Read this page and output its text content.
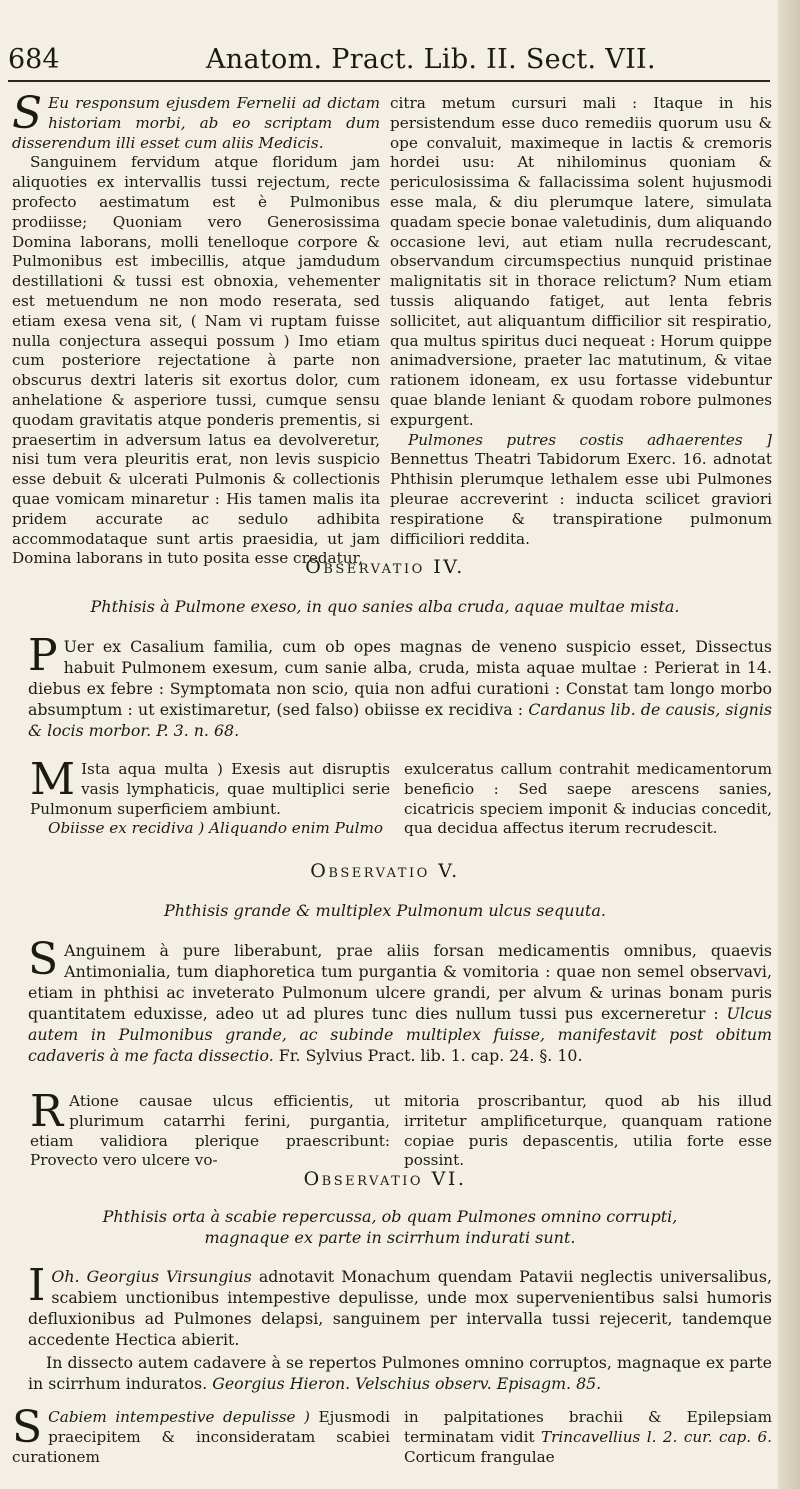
684	Anatom. Pract. Lib. II. Sect. VII.

S Eu responsum ejusdem Fernelii ad dictam historiam morbi, ab eo scriptam dum disserendum illi esset cum aliis Medicis.

Sanguinem fervidum atque floridum jam aliquoties ex intervallis tussi rejectum, recte profecto aestimatum est è Pulmonibus prodiisse; Quoniam vero Generosissima Domina laborans, molli tenelloque corpore & Pulmonibus est imbecillis, atque jamdudum destillationi & tussi est obnoxia, vehementer est metuendum ne non modo reserata, sed etiam exesa vena sit, ( Nam vi ruptam fuisse nulla conjectura assequi possum ) Imo etiam cum posteriore rejectatione à parte non obscurus dextri lateris sit exortus dolor, cum anhelatione & asperiore tussi, cumque sensu quodam gravitatis atque ponderis prementis, si praesertim in adversum latus ea devolveretur, nisi tum vera pleuritis erat, non levis suspicio esse debuit & ulcerati Pulmonis & collectionis quae vomicam minaretur : His tamen malis ita pridem accurate ac sedulo adhibita accommodataque sunt artis praesidia, ut jam Domina laborans in tuto posita esse credatur,

citra metum cursuri mali : Itaque in his persistendum esse duco remediis quorum usu & ope convaluit, maximeque in lactis & cremoris hordei usu: At nihilominus quoniam & periculosissima & fallacissima solent hujusmodi esse mala, & diu plerumque latere, simulata quadam specie bonae valetudinis, dum aliquando occasione levi, aut etiam nulla recrudescant, observandum circumspectius nunquid pristinae malignitatis sit in thorace relictum? Num etiam tussis aliquando fatiget, aut lenta febris sollicitet, aut aliquantum difficilior sit respiratio, qua multus spiritus duci nequeat : Horum quippe animadversione, praeter lac matutinum, & vitae rationem idoneam, ex usu fortasse videbuntur quae blande leniant & quodam robore pulmones expurgent.

Pulmones putres costis adhaerentes ] Bennettus Theatri Tabidorum Exerc. 16. adnotat Phthisin plerumque lethalem esse ubi Pulmones pleurae accreverint : inducta scilicet graviori respiratione & transpiratione pulmonum difficiliori reddita.

Observatio IV.
Phthisis à Pulmone exeso, in quo sanies alba cruda, aquae multae mista.

P Uer ex Casalium familia, cum ob opes magnas de veneno suspicio esset, Dissectus habuit Pulmonem exesum, cum sanie alba, cruda, mista aquae multae : Perierat in 14. diebus ex febre : Symptomata non scio, quia non adfui curationi : Constat tam longo morbo absumptum : ut existimaretur, (sed falso) obiisse ex recidiva : Cardanus lib. de causis, signis & locis morbor. P. 3. n. 68.

M Ista aqua multa ) Exesis aut disruptis vasis lymphaticis, quae multiplici serie Pulmonum superficiem ambiunt.

Obiisse ex recidiva ) Aliquando enim Pulmo

exulceratus callum contrahit medicamentorum beneficio : Sed saepe arescens sanies, cicatricis speciem imponit & inducias concedit, qua decidua affectus iterum recrudescit.

Observatio V.
Phthisis grande & multiplex Pulmonum ulcus sequuta.

S Anguinem à pure liberabunt, prae aliis forsan medicamentis omnibus, quaevis Antimonialia, tum diaphoretica tum purgantia & vomitoria : quae non semel observavi, etiam in phthisi ac inveterato Pulmonum ulcere grandi, per alvum & urinas bonam puris quantitatem eduxisse, adeo ut ad plures tunc dies nullum tussi pus excerneretur : Ulcus autem in Pulmonibus grande, ac subinde multiplex fuisse, manifestavit post obitum cadaveris à me facta dissectio. Fr. Sylvius Pract. lib. 1. cap. 24. §. 10.

R Atione causae ulcus efficientis, ut plurimum catarrhi ferini, purgantia, etiam validiora plerique praescribunt: Provecto vero ulcere vo-

mitoria proscribantur, quod ab his illud irritetur amplificeturque, quanquam ratione copiae puris depascentis, utilia forte esse possint.

Observatio VI.
Phthisis orta à scabie repercussa, ob quam Pulmones omnino corrupti, magnaque ex parte in scirrhum indurati sunt.

I Oh. Georgius Virsungius adnotavit Monachum quendam Patavii neglectis universalibus, scabiem unctionibus intempestive depulisse, unde mox supervenientibus salsi humoris defluxionibus ad Pulmones delapsi, sanguinem per intervalla tussi rejecerit, tandemque accedente Hectica abierit.

In dissecto autem cadavere à se repertos Pulmones omnino corruptos, magnaque ex parte in scirrhum induratos. Georgius Hieron. Velschius observ. Episagm. 85.

S Cabiem intempestive depulisse ) Ejusmodi praecipitem & inconsideratam scabiei curationem

in palpitationes brachii & Epilepsiam terminatam vidit Trincavellius l. 2. cur. cap. 6. Corticum frangulae
